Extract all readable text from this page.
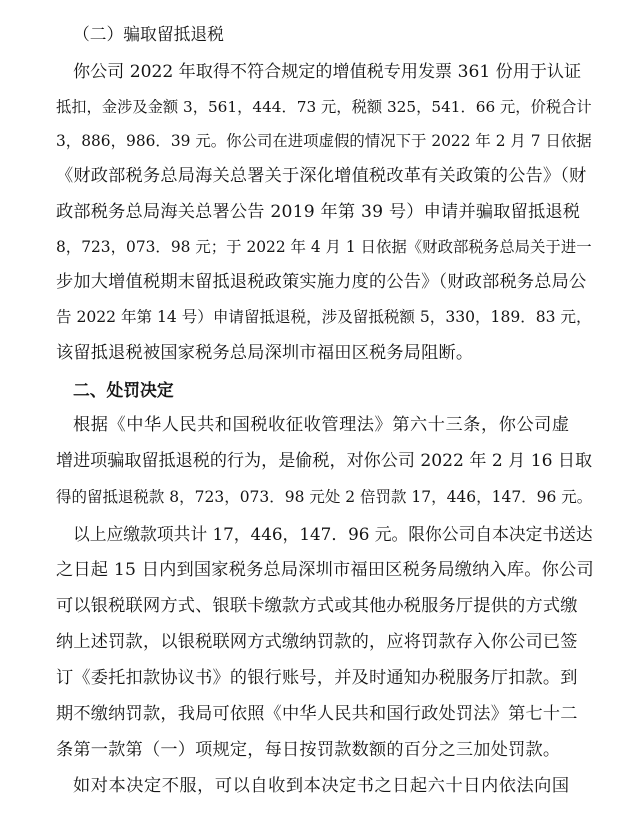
（二）骗取留抵退税
你公司 2022 年取得不符合规定的增值税专用发票 361 份用于认证
抵扣，金涉及金额 3，561，444．73 元，税额 325，541．66 元，价税合计
3，886，986．39 元。你公司在进项虚假的情况下于 2022 年 2 月 7 日依据
《财政部税务总局海关总署关于深化增值税改革有关政策的公告》（财
政部税务总局海关总署公告 2019 年第 39 号）申请并骗取留抵退税
8，723，073．98 元；于 2022 年 4 月 1 日依据《财政部税务总局关于进一
步加大增值税期末留抵退税政策实施力度的公告》（财政部税务总局公
告 2022 年第 14 号）申请留抵退税，涉及留抵税额 5，330，189．83 元，
该留抵退税被国家税务总局深圳市福田区税务局阻断。
二、处罚决定
根据《中华人民共和国税收征收管理法》第六十三条，你公司虚
增进项骗取留抵退税的行为，是偷税，对你公司 2022 年 2 月 16 日取
得的留抵退税款 8，723，073．98 元处 2 倍罚款 17，446，147．96 元。
以上应缴款项共计 17，446，147．96 元。限你公司自本决定书送达
之日起 15 日内到国家税务总局深圳市福田区税务局缴纳入库。你公司
可以银税联网方式、银联卡缴款方式或其他办税服务厅提供的方式缴
纳上述罚款，以银税联网方式缴纳罚款的，应将罚款存入你公司已签
订《委托扣款协议书》的银行账号，并及时通知办税服务厅扣款。到
期不缴纳罚款，我局可依照《中华人民共和国行政处罚法》第七十二
条第一款第（一）项规定，每日按罚款数额的百分之三加处罚款。
如对本决定不服，可以自收到本决定书之日起六十日内依法向国
